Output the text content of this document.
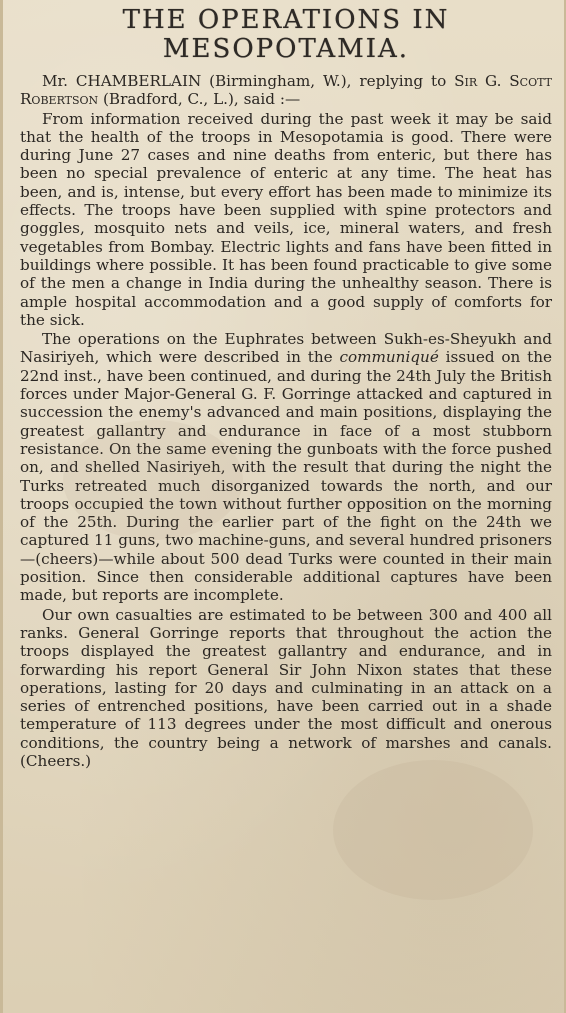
THE OPERATIONS IN
MESOPOTAMIA.

Mr. CHAMBERLAIN (Birmingham, W.), replying to Sir G. Scott Robertson (Bradford, C., L.), said :—

From information received during the past week it may be said that the health of the troops in Mesopotamia is good. There were during June 27 cases and nine deaths from enteric, but there has been no special prevalence of enteric at any time. The heat has been, and is, intense, but every effort has been made to minimize its effects. The troops have been supplied with spine protectors and goggles, mosquito nets and veils, ice, mineral waters, and fresh vegetables from Bombay. Electric lights and fans have been fitted in buildings where possible. It has been found practicable to give some of the men a change in India during the unhealthy season. There is ample hospital accommodation and a good supply of comforts for the sick.

The operations on the Euphrates between Sukh-es-Sheyukh and Nasiriyeh, which were described in the communiqué issued on the 22nd inst., have been continued, and during the 24th July the British forces under Major-General G. F. Gorringe attacked and captured in succession the enemy's advanced and main positions, displaying the greatest gallantry and endurance in face of a most stubborn resistance. On the same evening the gunboats with the force pushed on, and shelled Nasiriyeh, with the result that during the night the Turks retreated much disorganized towards the north, and our troops occupied the town without further opposition on the morning of the 25th. During the earlier part of the fight on the 24th we captured 11 guns, two machine-guns, and several hundred prisoners—(cheers)—while about 500 dead Turks were counted in their main position. Since then considerable additional captures have been made, but reports are incomplete.

Our own casualties are estimated to be between 300 and 400 all ranks. General Gorringe reports that throughout the action the troops displayed the greatest gallantry and endurance, and in forwarding his report General Sir John Nixon states that these operations, lasting for 20 days and culminating in an attack on a series of entrenched positions, have been carried out in a shade temperature of 113 degrees under the most difficult and onerous conditions, the country being a network of marshes and canals. (Cheers.)
